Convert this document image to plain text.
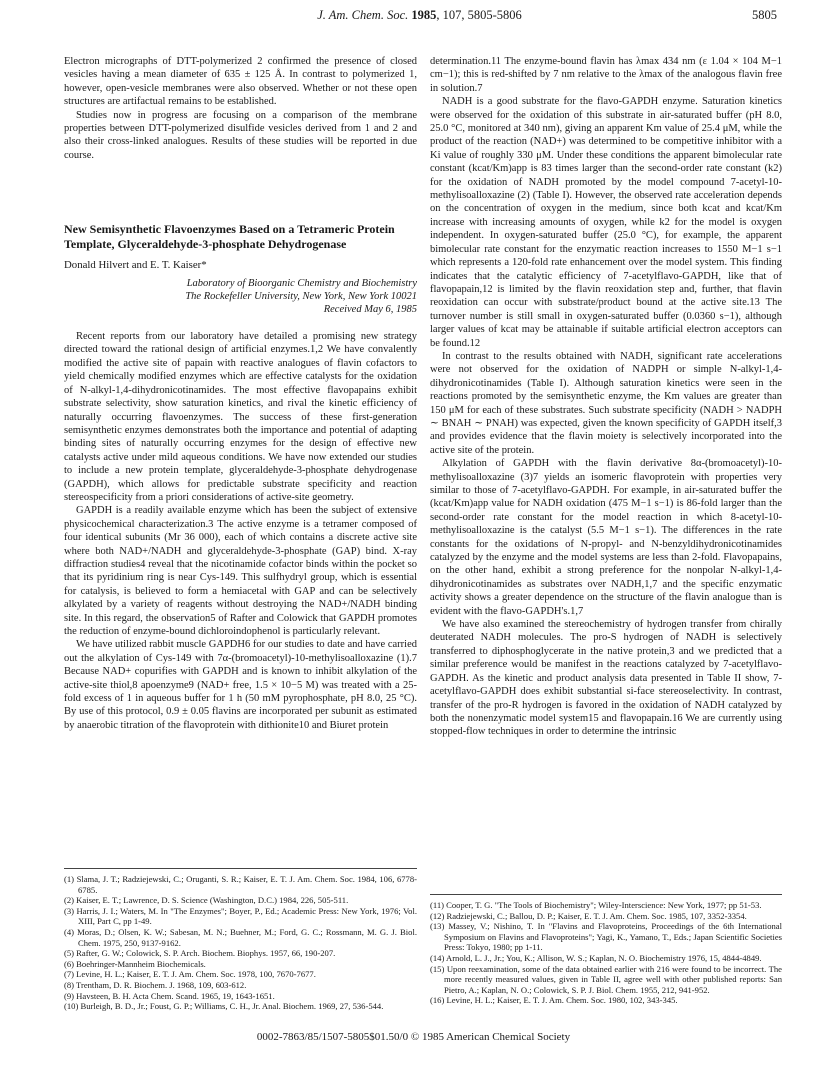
J. Am. Chem. Soc. 1985, 107, 5805-5806	5805

Electron micrographs of DTT-polymerized 2 confirmed the presence of closed vesicles having a mean diameter of 635 ± 125 Å. In contrast to polymerized 1, however, open-vesicle membranes were also observed. Whether or not these open structures are artifactual remains to be established.

Studies now in progress are focusing on a comparison of the membrane properties between DTT-polymerized disulfide vesicles derived from 1 and 2 and also their cross-linked analogues. Results of these studies will be reported in due course.

New Semisynthetic Flavoenzymes Based on a Tetrameric Protein Template, Glyceraldehyde-3-phosphate Dehydrogenase
Donald Hilvert and E. T. Kaiser*
Laboratory of Bioorganic Chemistry and Biochemistry
The Rockefeller University, New York, New York 10021
Received May 6, 1985

Recent reports from our laboratory have detailed a promising new strategy directed toward the rational design of artificial enzymes.1,2 We have convalently modified the active site of papain with reactive analogues of flavin cofactors to yield chemically modified enzymes which are effective catalysts for the oxidation of N-alkyl-1,4-dihydronicotinamides. The most effective flavopapains exhibit substrate selectivity, show saturation kinetics, and rival the kinetic efficiency of naturally occurring flavoenzymes. The success of these first-generation semisynthetic enzymes demonstrates both the importance and potential of adapting binding sites of naturally occurring enzymes for the design of effective new catalysts active under mild aqueous conditions. We have now extended our studies to include a new protein template, glyceraldehyde-3-phosphate dehydrogenase (GAPDH), which allows for predictable substrate specificity and reaction stereospecificity from a priori considerations of active-site geometry.

GAPDH is a readily available enzyme which has been the subject of extensive physicochemical characterization.3 The active enzyme is a tetramer composed of four identical subunits (Mr 36 000), each of which contains a discrete active site where both NAD+/NADH and glyceraldehyde-3-phosphate (GAP) bind. X-ray diffraction studies4 reveal that the nicotinamide cofactor binds within the pocket so that its pyridinium ring is near Cys-149. This sulfhydryl group, which is essential for catalysis, is believed to form a hemiacetal with GAP and can be selectively alkylated by a variety of reagents without destroying the NAD+/NADH binding site. In this regard, the observation5 of Rafter and Colowick that GAPDH promotes the reduction of enzyme-bound dichloroindophenol is particularly relevant.

We have utilized rabbit muscle GAPDH6 for our studies to date and have carried out the alkylation of Cys-149 with 7α-(bromoacetyl)-10-methylisoalloxazine (1).7 Because NAD+ copurifies with GAPDH and is known to inhibit alkylation of the active-site thiol,8 apoenzyme9 (NAD+ free, 1.5 × 10−5 M) was treated with a 25-fold excess of 1 in aqueous buffer for 1 h (50 mM pyrophosphate, pH 8.0, 25 °C). By use of this protocol, 0.9 ± 0.05 flavins are incorporated per subunit as estimated by anaerobic titration of the flavoprotein with dithionite10 and Biuret protein

determination.11 The enzyme-bound flavin has λmax 434 nm (ε 1.04 × 104 M−1 cm−1); this is red-shifted by 7 nm relative to the λmax of the analogous flavin free in solution.7

NADH is a good substrate for the flavo-GAPDH enzyme. Saturation kinetics were observed for the oxidation of this substrate in air-saturated buffer (pH 8.0, 25.0 °C, monitored at 340 nm), giving an apparent Km value of 25.4 μM, while the product of the reaction (NAD+) was determined to be competitive inhibitor with a Ki value of roughly 330 μM. Under these conditions the apparent bimolecular rate constant (kcat/Km)app is 83 times larger than the second-order rate constant (k2) for the oxidation of NADH promoted by the model compound 7-acetyl-10-methylisoalloxazine (2) (Table I). However, the observed rate acceleration depends on the concentration of oxygen in the medium, since both kcat and kcat/Km increase with increasing amounts of oxygen, while k2 for the model is oxygen independent. In oxygen-saturated buffer (25.0 °C), for example, the apparent bimolecular rate constant for the enzymatic reaction increases to 1550 M−1 s−1 which represents a 120-fold rate enhancement over the model system. This finding indicates that the catalytic efficiency of 7-acetylflavo-GAPDH, like that of flavopapain,12 is limited by the flavin reoxidation step and, further, that flavin reoxidation can occur with substrate/product bound at the active site.13 The turnover number is still small in oxygen-saturated buffer (0.0360 s−1), although larger values of kcat may be attainable if suitable artificial electron acceptors can be found.12

In contrast to the results obtained with NADH, significant rate accelerations were not observed for the oxidation of NADPH or simple N-alkyl-1,4-dihydronicotinamides (Table I). Although saturation kinetics were seen in the reactions promoted by the semisynthetic enzyme, the Km values are greater than 150 μM for each of these substrates. Such substrate specificity (NADH > NADPH ∼ BNAH ∼ PNAH) was expected, given the known specificity of GAPDH itself,3 and provides evidence that the flavin moiety is selectively incorporated into the active site of the protein.

Alkylation of GAPDH with the flavin derivative 8α-(bromoacetyl)-10-methylisoalloxazine (3)7 yields an isomeric flavoprotein with properties very similar to those of 7-acetylflavo-GAPDH. For example, in air-saturated buffer the (kcat/Km)app value for NADH oxidation (475 M−1 s−1) is 86-fold larger than the second-order rate constant for the model reaction in which 8-acetyl-10-methylisoalloxazine is the catalyst (5.5 M−1 s−1). The differences in the rate constants for the oxidations of N-propyl- and N-benzyldihydronicotinamides catalyzed by the enzyme and the model systems are less than 2-fold. Flavopapains, on the other hand, exhibit a strong preference for the nonpolar N-alkyl-1,4-dihydronicotinamides as substrates over NADH,1,7 and the specific enzymatic activity shows a greater dependence on the structure of the flavin analogue than is evident with the flavo-GAPDH's.1,7

We have also examined the stereochemistry of hydrogen transfer from chirally deuterated NADH molecules. The pro-S hydrogen of NADH is selectively transferred to diphosphoglycerate in the native protein,3 and we predicted that a similar preference would be manifest in the reactions catalyzed by 7-acetylflavo-GAPDH. As the kinetic and product analysis data presented in Table II show, 7-acetylflavo-GAPDH does exhibit substantial si-face stereoselectivity. In contrast, transfer of the pro-R hydrogen is favored in the oxidation of NADH catalyzed by both the nonenzymatic model system15 and flavopapain.16 We are currently using stopped-flow techniques in order to determine the intrinsic

(1) Slama, J. T.; Radziejewski, C.; Oruganti, S. R.; Kaiser, E. T. J. Am. Chem. Soc. 1984, 106, 6778-6785.
(2) Kaiser, E. T.; Lawrence, D. S. Science (Washington, D.C.) 1984, 226, 505-511.
(3) Harris, J. I.; Waters, M. In "The Enzymes"; Boyer, P., Ed.; Academic Press: New York, 1976; Vol. XIII, Part C, pp 1-49.
(4) Moras, D.; Olsen, K. W.; Sabesan, M. N.; Buehner, M.; Ford, G. C.; Rossmann, M. G. J. Biol. Chem. 1975, 250, 9137-9162.
(5) Rafter, G. W.; Colowick, S. P. Arch. Biochem. Biophys. 1957, 66, 190-207.
(6) Boehringer-Mannheim Biochemicals.
(7) Levine, H. L.; Kaiser, E. T. J. Am. Chem. Soc. 1978, 100, 7670-7677.
(8) Trentham, D. R. Biochem. J. 1968, 109, 603-612.
(9) Havsteen, B. H. Acta Chem. Scand. 1965, 19, 1643-1651.
(10) Burleigh, B. D., Jr.; Foust, G. P.; Williams, C. H., Jr. Anal. Biochem. 1969, 27, 536-544.
(11) Cooper, T. G. "The Tools of Biochemistry"; Wiley-Interscience: New York, 1977; pp 51-53.
(12) Radziejewski, C.; Ballou, D. P.; Kaiser, E. T. J. Am. Chem. Soc. 1985, 107, 3352-3354.
(13) Massey, V.; Nishino, T. In "Flavins and Flavoproteins, Proceedings of the 6th International Symposium on Flavins and Flavoproteins"; Yagi, K., Yamano, T., Eds.; Japan Scientific Societies Press: Tokyo, 1980; pp 1-11.
(14) Arnold, L. J., Jr.; You, K.; Allison, W. S.; Kaplan, N. O. Biochemistry 1976, 15, 4844-4849.
(15) Upon reexamination, some of the data obtained earlier with 216 were found to be incorrect. The more recently measured values, given in Table II, agree well with other published reports: San Pietro, A.; Kaplan, N. O.; Colowick, S. P. J. Biol. Chem. 1955, 212, 941-952.
(16) Levine, H. L.; Kaiser, E. T. J. Am. Chem. Soc. 1980, 102, 343-345.
0002-7863/85/1507-5805$01.50/0 © 1985 American Chemical Society
